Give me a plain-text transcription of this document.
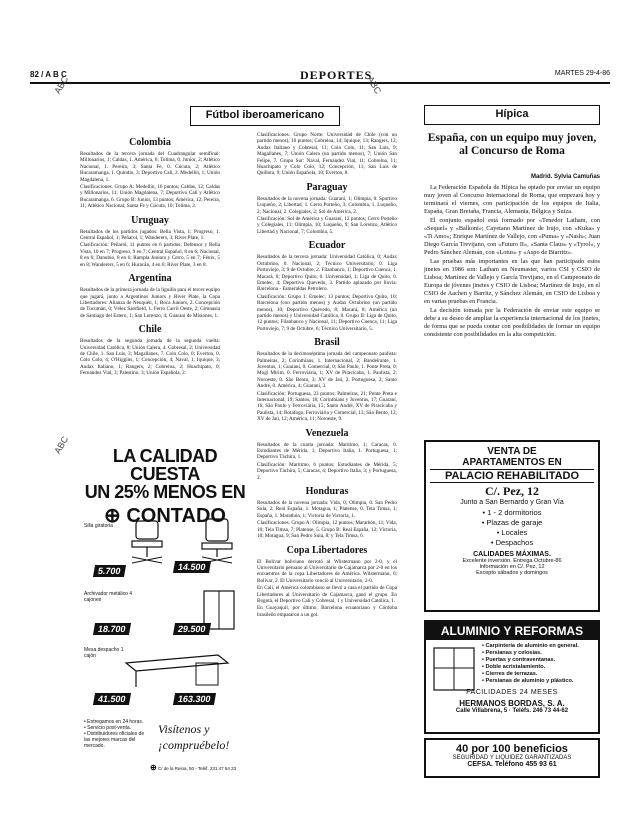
82 / A B C	DEPORTES	MARTES 29-4-86
ABC
ABC
ABC
Fútbol iberoamericano
Colombia

Resultados de la tercera jornada del Cuadrangular semifinal: Millonarios, 1; Caldas, 1. América, 6; Tolima, 0. Junior, 2; Atlético Nacional, 1. Pereira, 3; Santa Fe, 0. Cúcuta, 2; Atlético Bucaramanga, 1. Quindío, 3; Deportivo Cali, 2. Medellín, 1; Unión Magdalena, 1.

Clasificaciones. Grupo A: Medellín, 16 puntos; Caldas, 12; Caldas y Millonarios, 11; Unión Magdalena, 7; Deportivo Cali y Atlético Bucaramanga, 6. Grupo B: Junior, 13 puntos; América, 12; Pereira, 11; Atlético Nacional, Santa Fe y Cúcuta, 10; Tolima, 2.

Uruguay

Resultados de los partidos jugados: Bella Vista, 1; Progreso, 1. Central Español, 1; Peñarol, 1; Wanderers, 3; River Plate, 1.

Clasificación: Peñarol, 11 puntos en 6 partidos; Defensor y Bella Vista, 10 en 7; Progreso, 9 en 7; Central Español, 8 en 6; Nacional, 8 en 6; Danubio, 8 en 6; Rampla Juniors y Cerro, 5 en 7; Fénix, 5 en 8; Wanderers, 5 en 6; Huracán, 4 en 6; River Plate, 3 en 8.

Argentina

Resultados de la primera jornada de la liguilla para el tercer equipo que jugará, junto a Argentinos Juniors y River Plate, la Copa Libertadores: Alianza de Neuquén, 1; Boca Juniors, 2. Concepción de Tucumán, 0; Vélez Sarsfield, 1. Ferro Carril Oeste, 2; Gimnasia de Santiago del Estero, 1; San Lorenzo, 4; Guaraní de Misiones, 1.

Chile

Resultados de la segunda jornada de la segunda vuelta: Universidad Católica, 8; Unión Calera, 4. Cobresal, 2; Universidad de Chile, 1. San Luis, 3; Magallanes, 7. Colo Colo, 0; Everton, 0. Colo Colo, 4; O'Higgins, 1; Concepción, 4; Naval, 1; Iquique, 3; Audax Italiano, 1; Rangers, 2; Cobreloa, 2; Huachipato, 0; Fernández Vial, 3; Palestino, 3; Unión Española, 2.

Clasificaciones. Grupo Norte: Universidad de Chile (con un partido menos), 16 puntos; Cobreloa, 14; Iquique, 13; Rangers, 12; Audax Italiano y Cobresal, 11; Colo Colo, 11; San Luis, 9; Magallanes, 7; Unión Calera (un partido menos), 7; Unión San Felipe, 7. Grupo Sur: Naval, Fernández Vial, 11; Cobreloa, 11; Huachipato y Colo Colo, 12; Concepción, 11; San Luis de Quillota, 9; Unión Española, 10; Everton, 8.

Paraguay

Resultados de la novena jornada: Guaraní, 1; Olimpia, 0. Sportivo Luqueño, 2; Libertad, 1. Cerro Porteño, 3; Colombia, 1. Luqueño, 2; Nacional, 2. Colegiales, 2; Sol de América, 2.

Clasificación: Sol de América y Guaraní, 12 puntos; Cerro Porteño y Colegiales, 11; Olimpia, 10; Luqueño, 9; San Lorenzo, Atlético Libertad y Nacional, 7; Colombia, 5.

Ecuador

Resultados de la tercera jornada: Universidad Católica, 0; Audax Octubrino, 0. Nacional, 2; Técnico Universitario, 0. Liga Portoviejo, 3; 9 de Octubre, 2. Filanbanco, 1; Deportivo Cuenca, 1. Macará, 0; Deportivo Quito, 0. Universidad, 1; Liga de Quito, 0. Emelec, 4; Deportivo Quevedo, 3. Partido aplazado por lluvia: Barcelona - Esmeraldas Petrolero.

Clasificación: Grupo 1: Emelec, 13 puntos; Deportivo Quito, 10; Barcelona (con partido menos) y Audax Octubrino (un partido menos), 10; Deportivo Quevedo, 8; Macará, 8; América (un partido menos) y Universidad Católica, 8. Grupo II: Liga de Quito, 12 puntos; Filanbanco y Nacional, 11; Deportivo Cuenca, 11; Liga Portoviejo, 7; 9 de Octubre, 6; Técnico Universitario, 5.

Brasil

Resultados de la decimoséptima jornada del campeonato paulista: Palmeiras, 2; Corinthians, 1. Internacional, 2; Bandeirante, 1. Juventus, 1; Guaraní, 0. Comercial, 0; São Paulo, 1. Ponte Preta, 0; Mogi Mirim, 0. Ferroviária, 1; XV de Piracicaba, 1. Paulista, 2; Noroeste, 0. São Bento, 3; XV de Jaú, 2. Portuguesa, 2; Santo André, 0. América, 4; Guarani, 3.

Clasificación: Portuguesa, 23 puntos; Palmeiras, 21; Ponte Preta e Internacional, 19; Santos, 18; Corinthians y Juventus, 17; Guaraní, 16; São Paulo y Ferroviária, 15; Santo André, XV de Piracicaba y Paulista, 14; Botafogo, Ferroviária y Comercial, 13; São Bento, 12; XV de Jaú, 12; América, 11; Noroeste, 9.

Venezuela

Resultados de la cuarta jornada: Marítimo, 1; Caracas, 0. Estudiantes de Mérida, 1; Deportivo Italia, 1. Portuguesa, 1; Deportivo Táchira, 1.

Clasificación: Marítimo, 6 puntos; Estudiantes de Mérida, 5; Deportivo Táchira, 5; Caracas, 4; Deportivo Italia, 3; y Portuguesa, 2.

Honduras

Resultados de la novena jornada: Vida, 0; Olimpia, 0. San Pedro Sula, 2; Real España, 1. Motagua, 1; Platense, 0. Tela Timsa, 1; España, 1. Marathón, 1; Victoria de Victoria, 1.

Clasificaciones. Grupo A: Olimpia, 12 puntos; Marathón, 11; Vida, 10; Tela Timsa, 7; Platense, 5. Grupo B: Real España, 12; Victoria, 10; Motagua, 9; San Pedro Sula, 8; y Tela Timsa, 6.

Copa Libertadores

El Bolívar boliviano derrotó al Wilstermann por 2-0, y el Universitario peruano al Universitario de Cajamarca por 2-0 en los encuentros de la copa Libertadores de América. Wilstermann, 0; Bolívar, 2. El Universitario venció al Universitario, 2-0.

En Cali, el América colombiano se llevó a casa el partido de Copa Libertadores al Universitario de Cajamarca, ganó el grupo. En Bogotá, el Deportivo Cali y Cobresal, 1 y Universidad Católica, 1.

En Guayaquil, por último, Barcelona ecuatoriano y Córdoba brasileño empataron a un gol.

LA CALIDAD CUESTA
UN 25% MENOS EN
⊕ CONTADO
Silla giratoria
5.700	14.500
Archivador metálico 4 cajones
18.700	29.500
Mesa despacho 1 cajón
41.500	163.300
• Entregamos en 24 horas.
• Servicio post-venta.
• Distribuidores oficiales de las mejores marcas del mercado.
Visítenos y
¡compruébelo!
⊕ C/ de la Reina, 50 - Teléf. 231 47 64 23
Hípica
España, con un equipo muy joven, al Concurso de Roma
Madrid. Sylvia Camuñas

La Federación Española de Hípica ha optado por enviar un equipo muy joven al Concurso Internacional de Roma, que empezará hoy y terminará el viernes, con participación de los equipos de Italia, España, Gran Bretaña, Francia, Alemania, Bélgica y Suiza.

El conjunto español está formado por «Tenedor Latham, con «Sequel» y «Balkoni»; Cayetano Martínez de Irujo, con «Kuka» y «Ti Amo»; Enrique Martínez de Vallejo, con «Puma» y «Nash»; Juan Diego García Trevijano, con «Futuro II», «Santa Claus» y «Tyrol», y Pedro Sánchez Alemán, con «Lotus» y «Aspo de Biarritz».

Las pruebas más importantes en las que han participado estos jinetes en 1986 son: Latham en Neumaster, varios CSI y CSIO de Lisboa; Martínez de Vallejo y García Trevijano, en el Campeonato de Europa de jóvenes jinetes y CSIO de Lisboa; Martínez de Irujo, en el CSIO de Aachen y Barritz, y Sánchez Alemán, en CSIO de Lisboa y en varias pruebas en Francia.

La decisión tomada por la Federación de enviar este equipo se debe a su deseo de ampliar la experiencia internacional de los jinetes, de forma que se pueda contar con posibilidades de formar un equipo consistente con posibilidades en la alta competición.

VENTA DE
APARTAMENTOS EN
PALACIO REHABILITADO
C/. Pez, 12
Junto a San Bernardo y Gran Vía
• 1 - 2 dormitorios
• Plazas de garaje
• Locales
• Despachos
CALIDADES MÁXIMAS.
Excelente inversión. Entrega Octubre-86
Información en C/. Pez, 12
Excepto sábados y domingos
ALUMINIO Y REFORMAS
• Carpintería de aluminio en general.
• Persianas y celosías.
• Puertas y contraventanas.
• Doble acristalamiento.
• Cierres de terrazas.
• Persianas de aluminio y plástico.
FACILIDADES 24 MESES
HERMANOS BORDAS, S. A.
Calle Villabrena, 5 · Teléfs. 246 73 44-62
40 por 100 beneficios
SEGURIDAD Y LIQUIDEZ GARANTIZADAS
CEFSA. Teléfono 455 93 61
